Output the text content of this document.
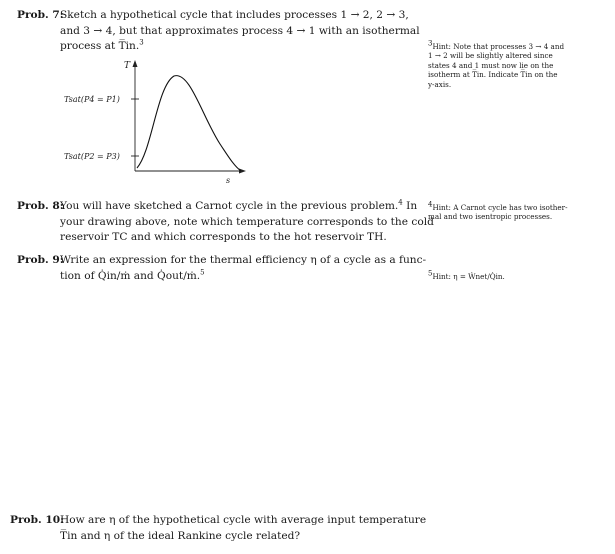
Prob. 7:
Sketch a hypothetical cycle that includes processes 1 → 2, 2 → 3,
and 3 → 4, but that approximates process 4 → 1 with an isothermal
process at T̅in.$^3$
T
s
Tsat(P4 = P1)
Tsat(P2 = P3)
Prob. 8:
You will have sketched a Carnot cycle in the previous problem.$^4$ In
your drawing above, note which temperature corresponds to the cold
reservoir TC and which corresponds to the hot reservoir TH.
Prob. 9:
Write an expression for the thermal efficiency η of a cycle as a func-
tion of Q̇in/ṁ and Q̇out/ṁ.$^5$
Prob. 10:
How are η of the hypothetical cycle with average input temperature
T̅in and η of the ideal Rankine cycle related?
$^3$Hint: Note that processes 3 → 4 and
1 → 2 will be slightly altered since
states 4 and 1 must now lie on the
isotherm at T̅in. Indicate T̅in on the
y-axis.
$^4$Hint: A Carnot cycle has two isother-
mal and two isentropic processes.
$^5$Hint: η = Ẇnet/Q̇in.
